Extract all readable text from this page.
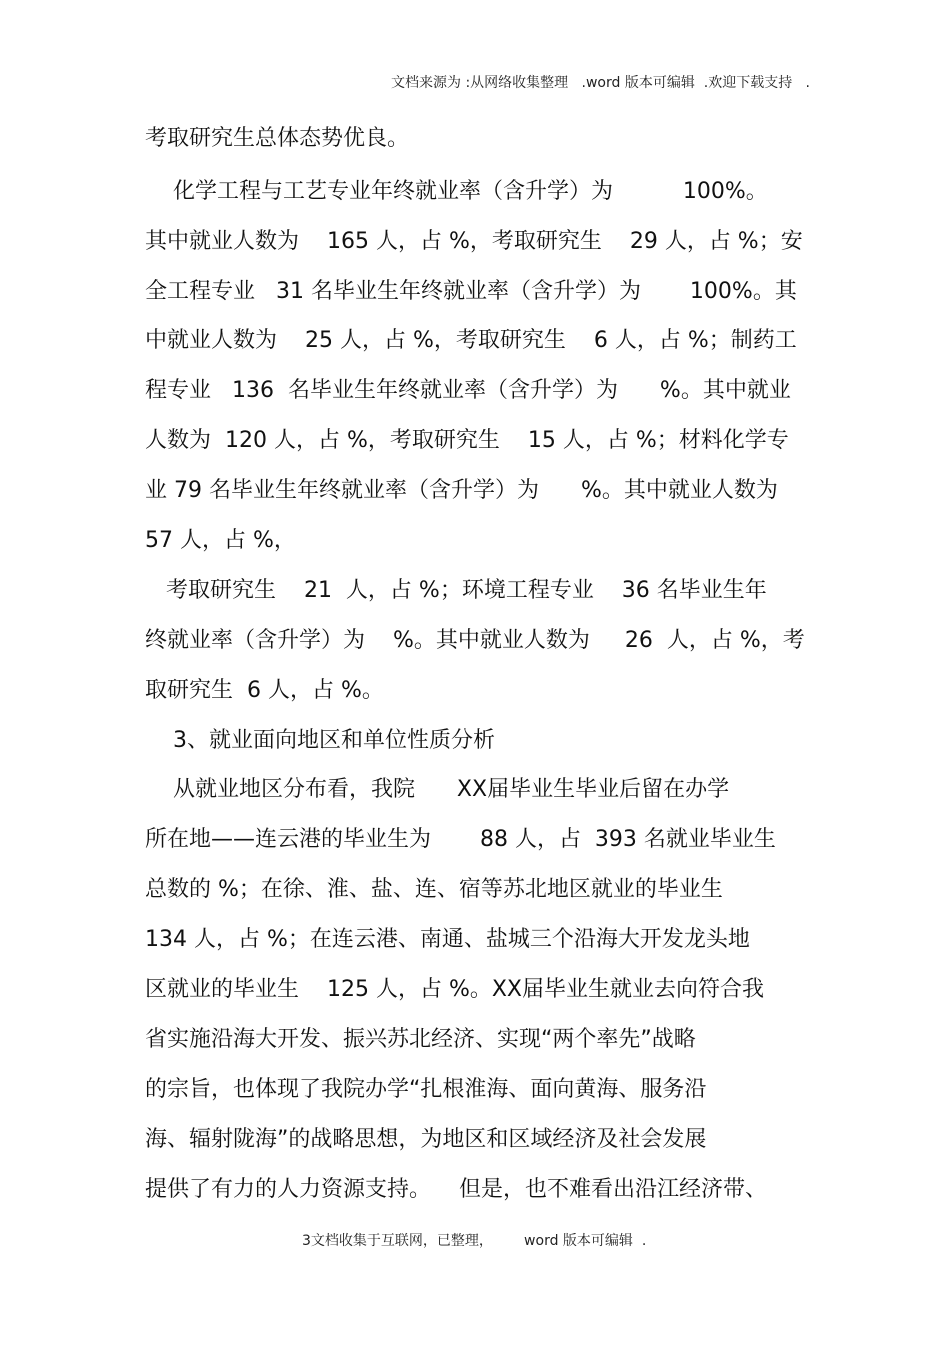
文档来源为 :从网络收集整理   .word 版本可编辑  .欢迎下载支持   .
考取研究生总体态势优良。
化学工程与工艺专业年终就业率（含升学）为          100%。
其中就业人数为    165 人，占 %，考取研究生    29 人，占 %；安
全工程专业   31 名毕业生年终就业率（含升学）为       100%。其
中就业人数为    25 人，占 %，考取研究生    6 人，占 %；制药工
程专业   136  名毕业生年终就业率（含升学）为      %。其中就业
人数为  120 人，占 %，考取研究生    15 人，占 %；材料化学专
业 79 名毕业生年终就业率（含升学）为      %。其中就业人数为
57 人，占 %，
考取研究生    21  人，占 %；环境工程专业    36 名毕业生年
终就业率（含升学）为    %。其中就业人数为     26  人，占 %，考
取研究生  6 人，占 %。
3、就业面向地区和单位性质分析
从就业地区分布看，我院      XX届毕业生毕业后留在办学
所在地——连云港的毕业生为       88 人，占  393 名就业毕业生
总数的 %；在徐、淮、盐、连、宿等苏北地区就业的毕业生
134 人，占 %；在连云港、南通、盐城三个沿海大开发龙头地
区就业的毕业生    125 人，占 %。XX届毕业生就业去向符合我
省实施沿海大开发、振兴苏北经济、实现“两个率先”战略
的宗旨，也体现了我院办学“扎根淮海、面向黄海、服务沿
海、辐射陇海”的战略思想，为地区和区域经济及社会发展
提供了有力的人力资源支持。    但是，也不难看出沿江经济带、
3文档收集于互联网，已整理，       word 版本可编辑  .
